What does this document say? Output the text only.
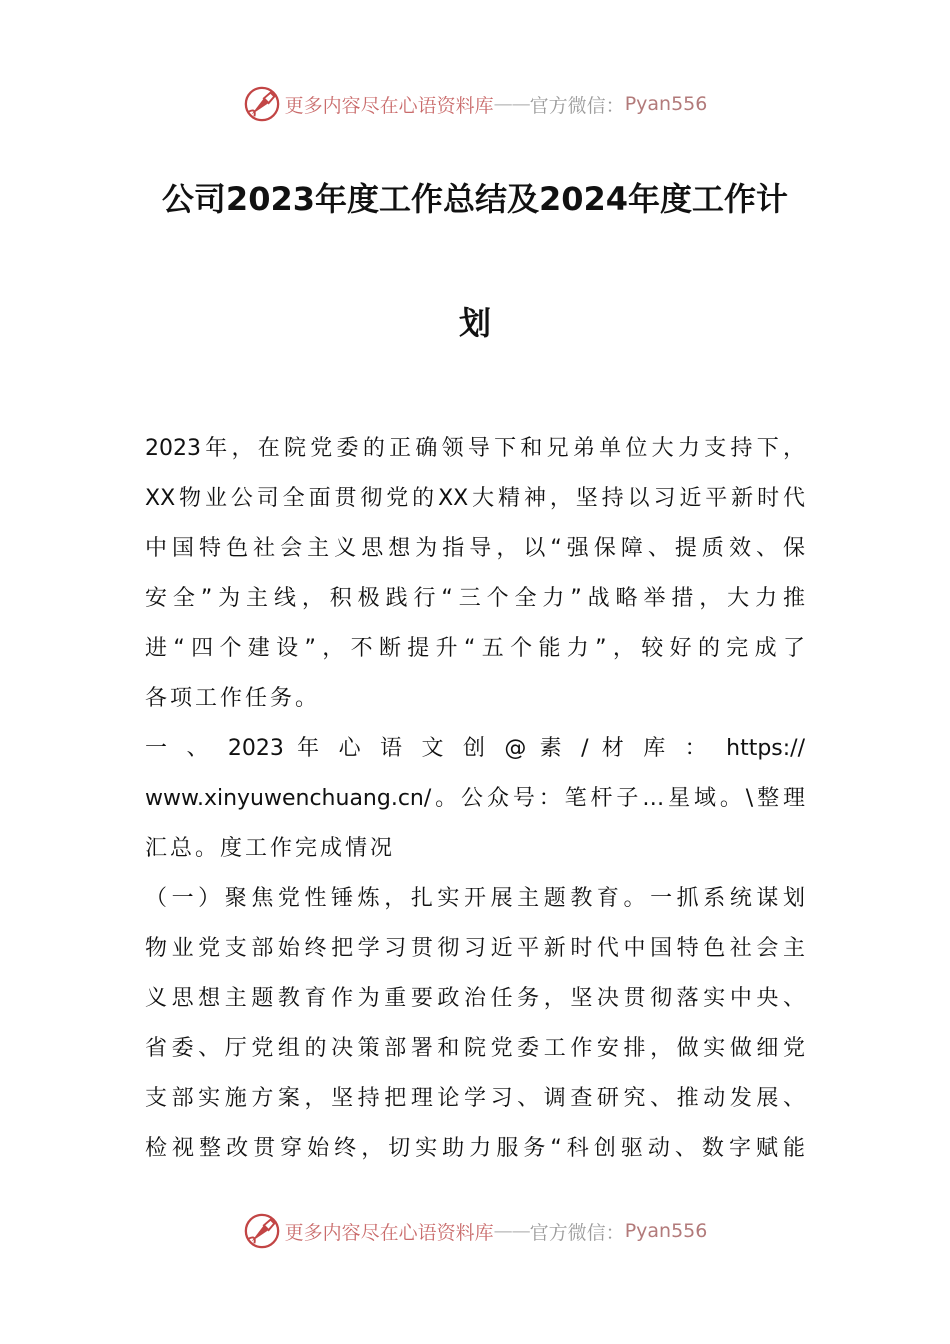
更多内容尽在心语资料库 —— 官方微信： Pyan556
公司2023年度工作总结及2024年度工作计
划
2023年，在院党委的正确领导下和兄弟单位大力支持下，
XX物业公司全面贯彻党的XX大精神，坚持以习近平新时代
中国特色社会主义思想为指导，以“强保障、提质效、保
安全”为主线，积极践行“三个全力”战略举措，大力推
进“四个建设”，不断提升“五个能力”，较好的完成了
各项工作任务。
一 、 2023 年 心 语 文 创 @ 素 / 材 库 ： https://
www.xinyuwenchuang.cn/。公众号：笔杆子…星域。\整理
汇总。度工作完成情况
（一）聚焦党性锤炼，扎实开展主题教育。一抓系统谋划
物业党支部始终把学习贯彻习近平新时代中国特色社会主
义思想主题教育作为重要政治任务，坚决贯彻落实中央、
省委、厅党组的决策部署和院党委工作安排，做实做细党
支部实施方案，坚持把理论学习、调查研究、推动发展、
检视整改贯穿始终，切实助力服务“科创驱动、数字赋能
更多内容尽在心语资料库 —— 官方微信： Pyan556
